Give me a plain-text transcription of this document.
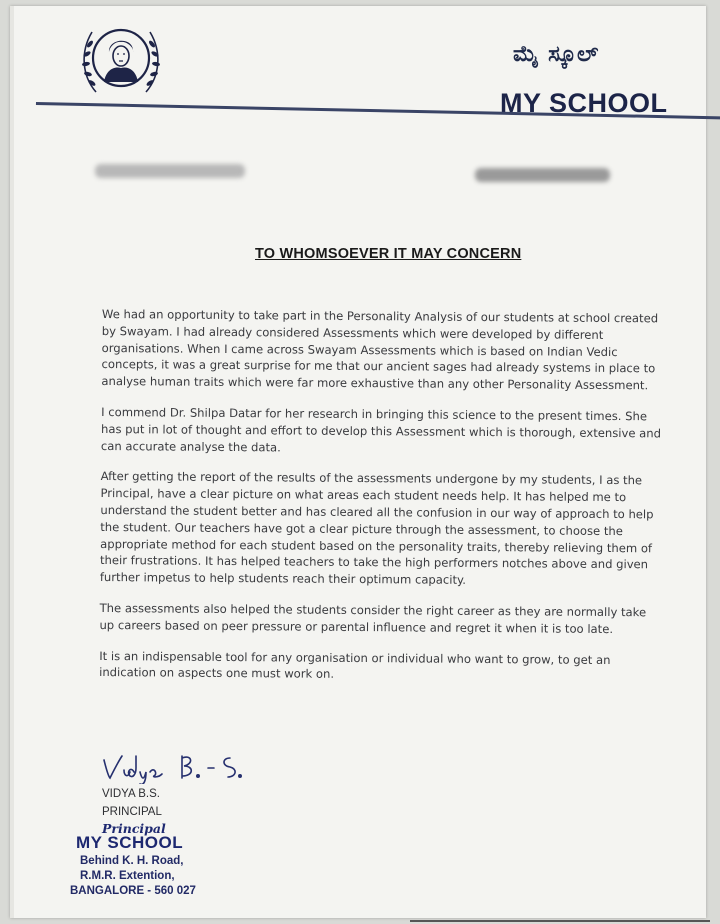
ಮೈ ಸ್ಕೂಲ್
MY SCHOOL
TO WHOMSOEVER IT MAY CONCERN

We had an opportunity to take part in the Personality Analysis of our students at school created by Swayam. I had already considered Assessments which were developed by different organisations. When I came across Swayam Assessments which is based on Indian Vedic concepts, it was a great surprise for me that our ancient sages had already systems in place to analyse human traits which were far more exhaustive than any other Personality Assessment.

I commend Dr. Shilpa Datar for her research in bringing this science to the present times. She has put in lot of thought and effort to develop this Assessment which is thorough, extensive and can accurate analyse the data.

After getting the report of the results of the assessments undergone by my students, I as the Principal, have a clear picture on what areas each student needs help. It has helped me to understand the student better and has cleared all the confusion in our way of approach to help the student. Our teachers have got a clear picture through the assessment, to choose the appropriate method for each student based on the personality traits, thereby relieving them of their frustrations. It has helped teachers to take the high performers notches above and given further impetus to help students reach their optimum capacity.

The assessments also helped the students consider the right career as they are normally take up careers based on peer pressure or parental influence and regret it when it is too late.

It is an indispensable tool for any organisation or individual who want to grow, to get an indication on aspects one must work on.

VIDYA B.S.
PRINCIPAL
Principal
MY SCHOOL
Behind K. H. Road,
R.M.R. Extention,
BANGALORE - 560 027
